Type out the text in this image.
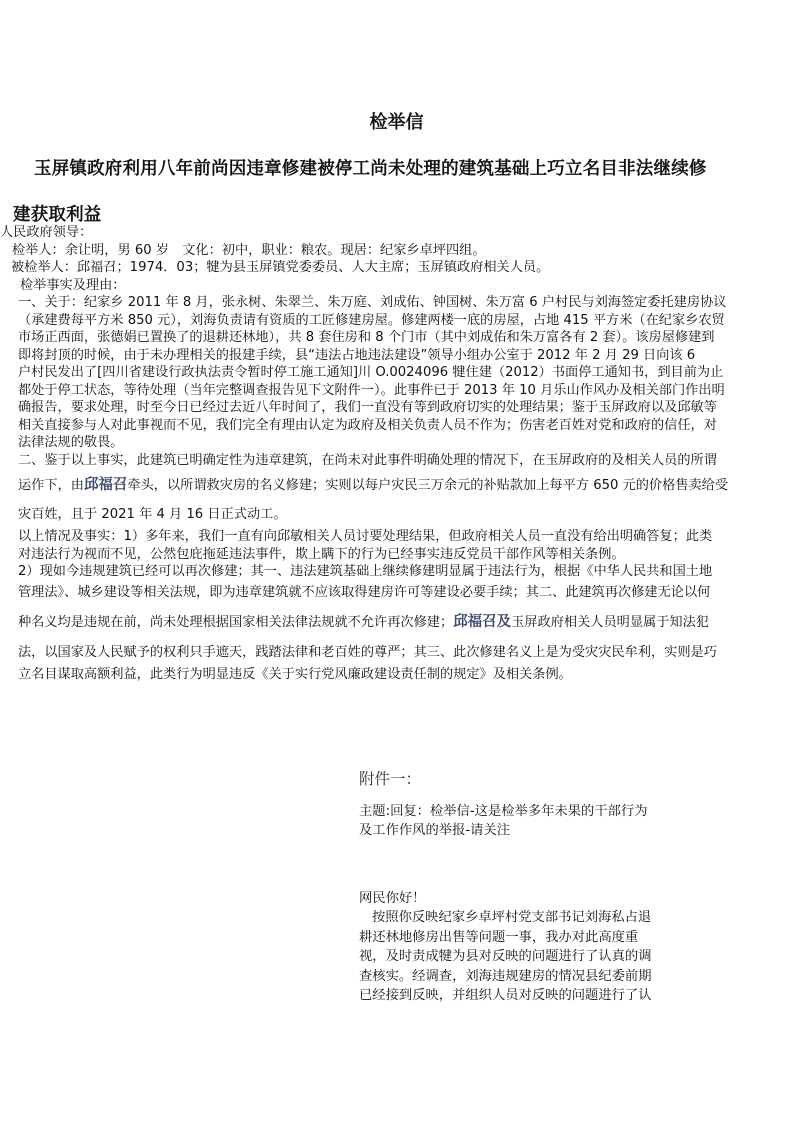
检举信
玉屏镇政府利用八年前尚因违章修建被停工尚未处理的建筑基础上巧立名目非法继续修
建获取利益
人民政府领导：
检举人：余让明，男 60 岁　文化：初中，职业：粮农。现居：纪家乡卓坪四组。
被检举人：邱福召；1974．03；犍为县玉屏镇党委委员、人大主席；玉屏镇政府相关人员。
检举事实及理由：
一、关于：纪家乡 2011 年 8 月，张永树、朱翠兰、朱万庭、刘成佑、钟国树、朱万富 6 户村民与刘海签定委托建房协议
（承建费每平方米 850 元），刘海负责请有资质的工匠修建房屋。修建两楼一底的房屋，占地 415 平方米（在纪家乡农贸
市场正西面，张德娟已置换了的退耕还林地），共 8 套住房和 8 个门市（其中刘成佑和朱万富各有 2 套）。该房屋修建到
即将封顶的时候，由于未办理相关的报建手续，县“违法占地违法建设”领导小组办公室于 2012 年 2 月 29 日向该 6
户村民发出了[四川省建设行政执法责令暂时停工施工通知]川 O.0024096 犍住建（2012）书面停工通知书，到目前为止
都处于停工状态，等待处理（当年完整调查报告见下文附件一）。此事件已于 2013 年 10 月乐山作风办及相关部门作出明
确报告，要求处理，时至今日已经过去近八年时间了，我们一直没有等到政府切实的处理结果；鉴于玉屏政府以及邱敏等
相关直接参与人对此事视而不见，我们完全有理由认定为政府及相关负责人员不作为；伤害老百姓对党和政府的信任，对
法律法规的敬畏。
二、鉴于以上事实，此建筑已明确定性为违章建筑，在尚未对此事件明确处理的情况下，在玉屏政府的及相关人员的所谓
运作下，由邱福召牵头，以所谓救灾房的名义修建；实则以每户灾民三万余元的补贴款加上每平方 650 元的价格售卖给受
灾百姓，且于 2021 年 4 月 16 日正式动工。
以上情况及事实：1）多年来，我们一直有向邱敏相关人员讨要处理结果，但政府相关人员一直没有给出明确答复；此类
对违法行为视而不见，公然包庇拖延违法事件，欺上瞒下的行为已经事实违反党员干部作风等相关条例。
2）现如今违规建筑已经可以再次修建；其一、违法建筑基础上继续修建明显属于违法行为，根据《中华人民共和国土地
管理法》、城乡建设等相关法规，即为违章建筑就不应该取得建房许可等建设必要手续；其二、此建筑再次修建无论以何
种名义均是违规在前，尚未处理根据国家相关法律法规就不允许再次修建；邱福召及玉屏政府相关人员明显属于知法犯
法，以国家及人民赋予的权利只手遮天，践踏法律和老百姓的尊严；其三、此次修建名义上是为受灾灾民牟利，实则是巧
立名目谋取高额利益，此类行为明显违反《关于实行党风廉政建设责任制的规定》及相关条例。
附件一：
主题:回复：检举信-这是检举多年未果的干部行为
及工作作风的举报-请关注
网民你好！
按照你反映纪家乡卓坪村党支部书记刘海私占退
耕还林地修房出售等问题一事，我办对此高度重
视，及时责成犍为县对反映的问题进行了认真的调
查核实。经调查，刘海违规建房的情况县纪委前期
已经接到反映，并组织人员对反映的问题进行了认
